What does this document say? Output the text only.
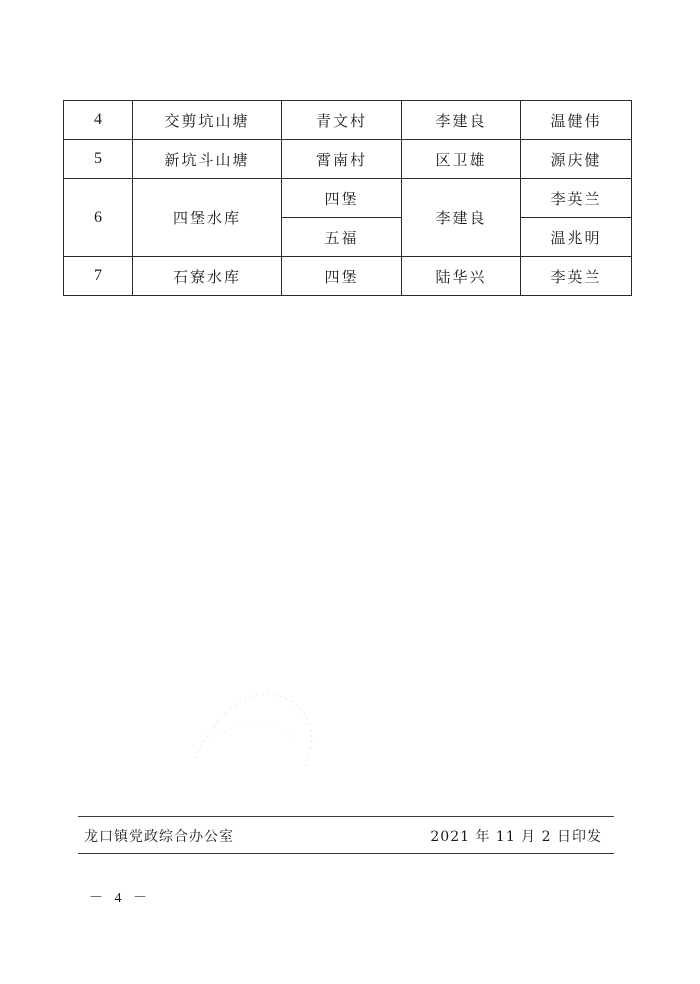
4	交剪坑山塘	青文村	李建良	温健伟
5	新坑斗山塘	霄南村	区卫雄	源庆健
6	四堡水库	四堡	李建良	李英兰
		五福		温兆明
7	石寮水库	四堡	陆华兴	李英兰
龙口镇党政综合办公室	2021 年 11 月 2 日印发
－ 4 －
